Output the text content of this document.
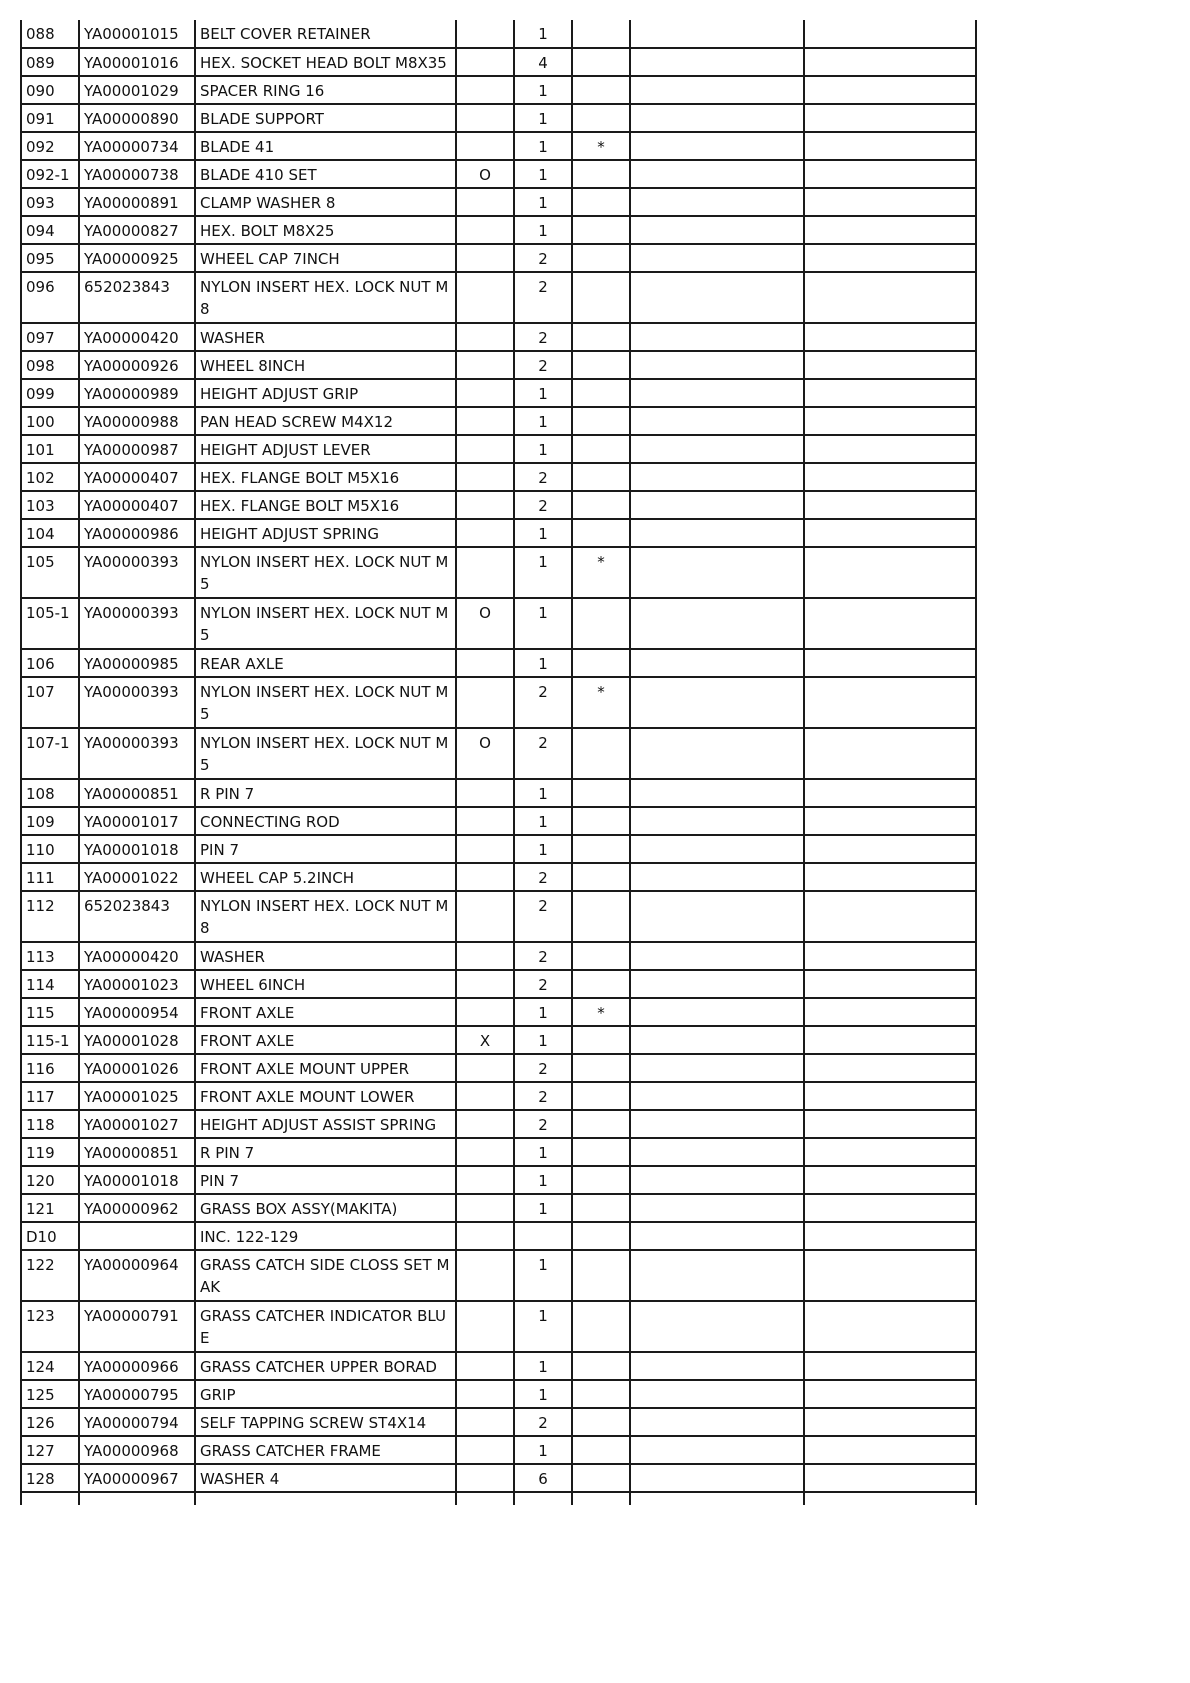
088	YA00001015	BELT COVER RETAINER		1			
089	YA00001016	HEX. SOCKET HEAD BOLT M8X35		4			
090	YA00001029	SPACER RING 16		1			
091	YA00000890	BLADE SUPPORT		1			
092	YA00000734	BLADE 41		1	*		
092-1	YA00000738	BLADE 410 SET	O	1			
093	YA00000891	CLAMP WASHER 8		1			
094	YA00000827	HEX. BOLT M8X25		1			
095	YA00000925	WHEEL CAP 7INCH		2			
096	652023843	NYLON INSERT HEX. LOCK NUT M8		2			
097	YA00000420	WASHER		2			
098	YA00000926	WHEEL 8INCH		2			
099	YA00000989	HEIGHT ADJUST GRIP		1			
100	YA00000988	PAN HEAD SCREW M4X12		1			
101	YA00000987	HEIGHT ADJUST LEVER		1			
102	YA00000407	HEX. FLANGE BOLT M5X16		2			
103	YA00000407	HEX. FLANGE BOLT M5X16		2			
104	YA00000986	HEIGHT ADJUST SPRING		1			
105	YA00000393	NYLON INSERT HEX. LOCK NUT M5		1	*		
105-1	YA00000393	NYLON INSERT HEX. LOCK NUT M5	O	1			
106	YA00000985	REAR AXLE		1			
107	YA00000393	NYLON INSERT HEX. LOCK NUT M5		2	*		
107-1	YA00000393	NYLON INSERT HEX. LOCK NUT M5	O	2			
108	YA00000851	R PIN 7		1			
109	YA00001017	CONNECTING ROD		1			
110	YA00001018	PIN 7		1			
111	YA00001022	WHEEL CAP 5.2INCH		2			
112	652023843	NYLON INSERT HEX. LOCK NUT M8		2			
113	YA00000420	WASHER		2			
114	YA00001023	WHEEL 6INCH		2			
115	YA00000954	FRONT AXLE		1	*		
115-1	YA00001028	FRONT AXLE	X	1			
116	YA00001026	FRONT AXLE MOUNT UPPER		2			
117	YA00001025	FRONT AXLE MOUNT LOWER		2			
118	YA00001027	HEIGHT ADJUST ASSIST SPRING		2			
119	YA00000851	R PIN 7		1			
120	YA00001018	PIN 7		1			
121	YA00000962	GRASS BOX ASSY(MAKITA)		1			
D10		INC. 122-129					
122	YA00000964	GRASS CATCH SIDE CLOSS SET MAK		1			
123	YA00000791	GRASS CATCHER INDICATOR BLUE		1			
124	YA00000966	GRASS CATCHER UPPER BORAD		1			
125	YA00000795	GRIP		1			
126	YA00000794	SELF TAPPING SCREW ST4X14		2			
127	YA00000968	GRASS CATCHER FRAME		1			
128	YA00000967	WASHER 4		6			
